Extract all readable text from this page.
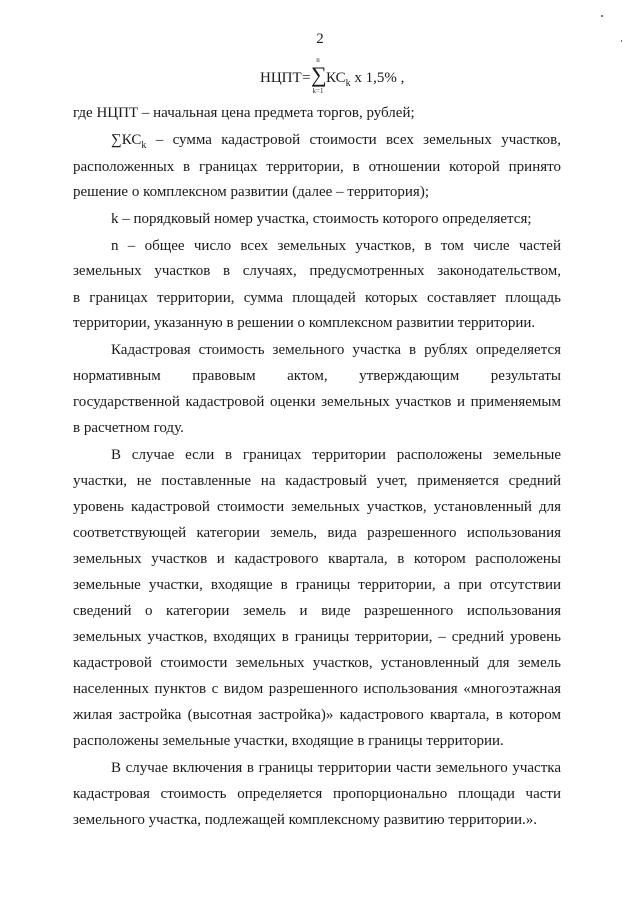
2
НЦПТ =
n
∑
k=1
$КС_k$ x 1,5% ,
где НЦПТ – начальная цена предмета торгов, рублей;
$\sum КС_k$ – сумма кадастровой стоимости всех земельных участков,
расположенных в границах территории, в отношении которой принято
решение о комплексном развитии (далее – территория);
k – порядковый номер участка, стоимость которого определяется;
n – общее число всех земельных участков, в том числе частей
земельных участков в случаях, предусмотренных законодательством,
в границах территории, сумма площадей которых составляет площадь
территории, указанную в решении о комплексном развитии территории.
Кадастровая стоимость земельного участка в рублях определяется
нормативным правовым актом, утверждающим результаты
государственной кадастровой оценки земельных участков и применяемым
в расчетном году.
В случае если в границах территории расположены земельные
участки, не поставленные на кадастровый учет, применяется средний
уровень кадастровой стоимости земельных участков, установленный для
соответствующей категории земель, вида разрешенного использования
земельных участков и кадастрового квартала, в котором расположены
земельные участки, входящие в границы территории, а при отсутствии
сведений о категории земель и виде разрешенного использования
земельных участков, входящих в границы территории, – средний уровень
кадастровой стоимости земельных участков, установленный для земель
населенных пунктов с видом разрешенного использования «многоэтажная
жилая застройка (высотная застройка)» кадастрового квартала, в котором
расположены земельные участки, входящие в границы территории.
В случае включения в границы территории части земельного участка
кадастровая стоимость определяется пропорционально площади части
земельного участка, подлежащей комплексному развитию территории.».
